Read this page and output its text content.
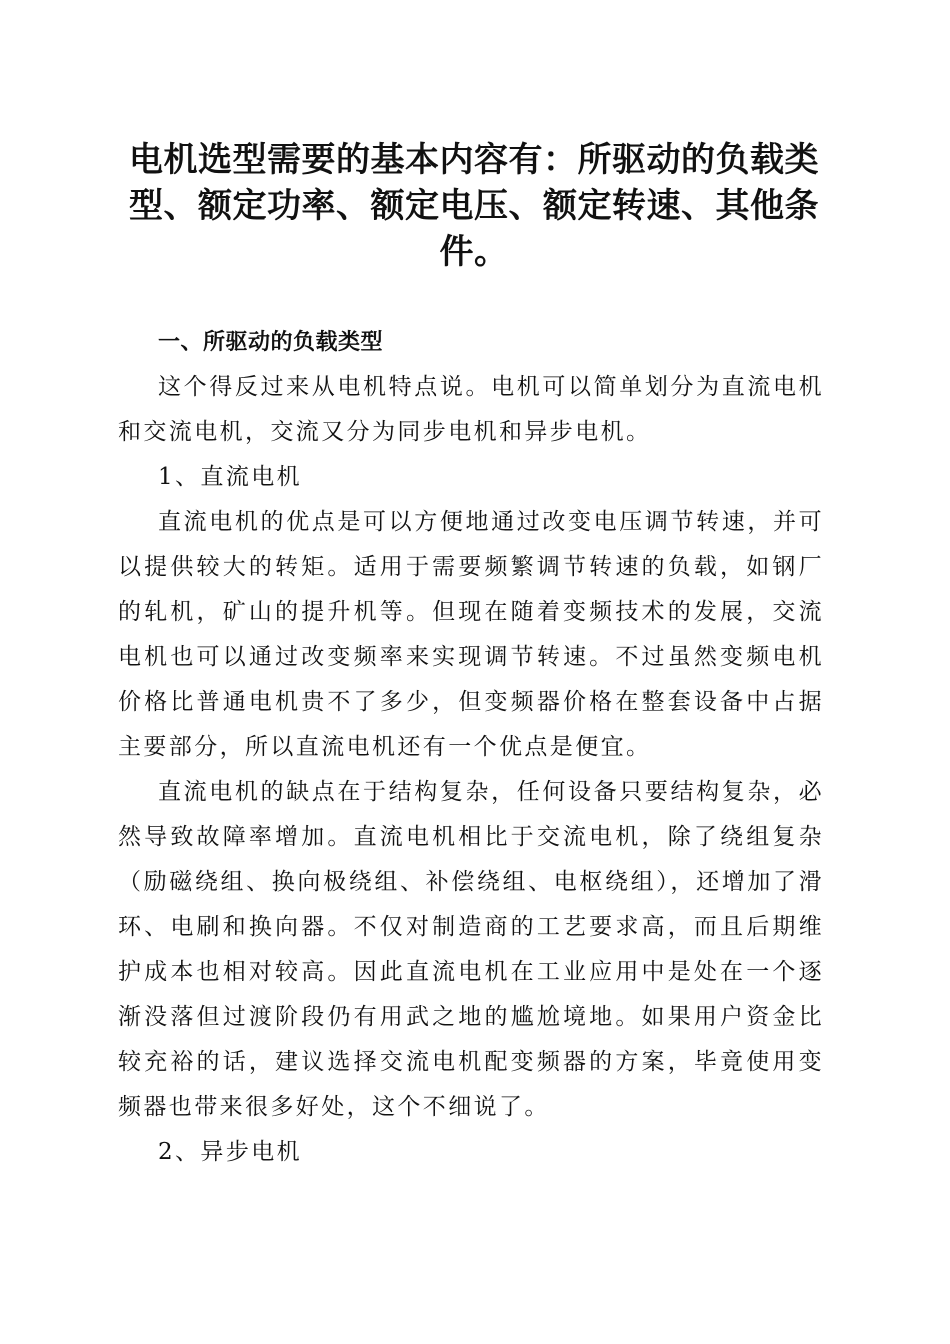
电机选型需要的基本内容有：所驱动的负载类型、额定功率、额定电压、额定转速、其他条件。

一、所驱动的负载类型

这个得反过来从电机特点说。电机可以简单划分为直流电机和交流电机，交流又分为同步电机和异步电机。

1、直流电机

直流电机的优点是可以方便地通过改变电压调节转速，并可以提供较大的转矩。适用于需要频繁调节转速的负载，如钢厂的轧机，矿山的提升机等。但现在随着变频技术的发展，交流电机也可以通过改变频率来实现调节转速。不过虽然变频电机价格比普通电机贵不了多少，但变频器价格在整套设备中占据主要部分，所以直流电机还有一个优点是便宜。

直流电机的缺点在于结构复杂，任何设备只要结构复杂，必然导致故障率增加。直流电机相比于交流电机，除了绕组复杂（励磁绕组、换向极绕组、补偿绕组、电枢绕组），还增加了滑环、电刷和换向器。不仅对制造商的工艺要求高，而且后期维护成本也相对较高。因此直流电机在工业应用中是处在一个逐渐没落但过渡阶段仍有用武之地的尴尬境地。如果用户资金比较充裕的话，建议选择交流电机配变频器的方案，毕竟使用变频器也带来很多好处，这个不细说了。

2、异步电机
